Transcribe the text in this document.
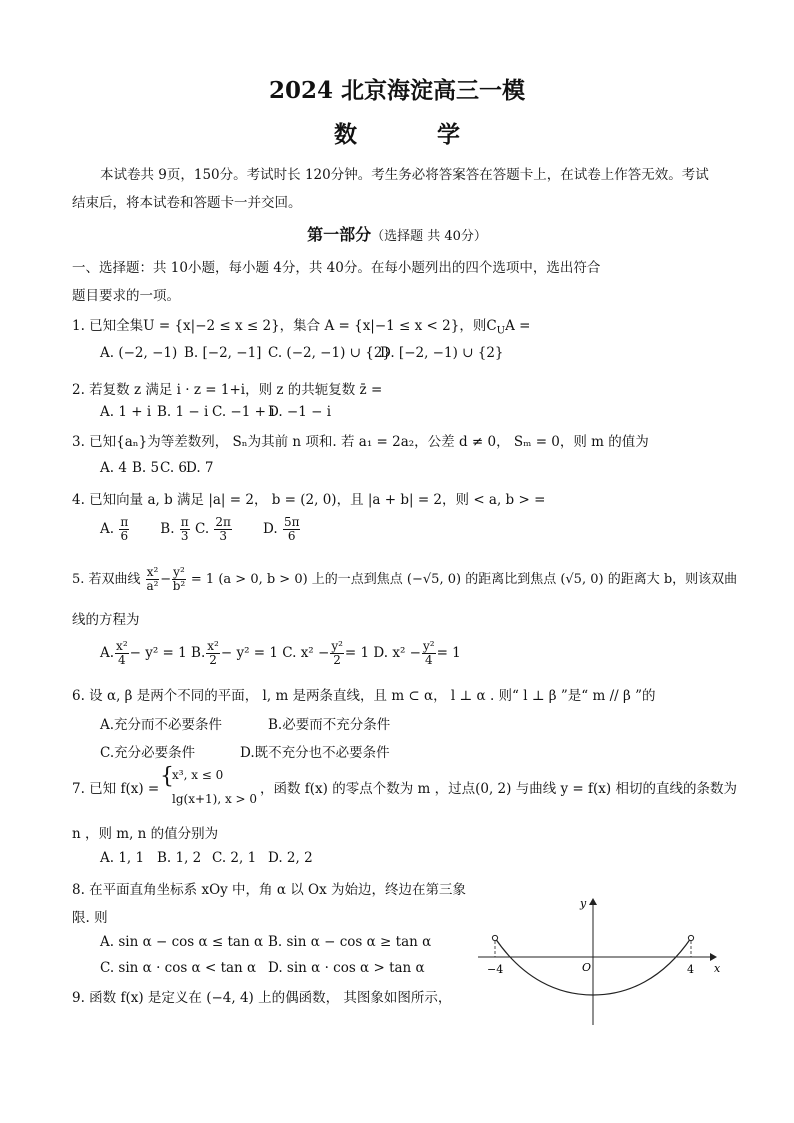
2024 北京海淀高三一模
数 学
本试卷共 9页，150分。考试时长 120分钟。考生务必将答案答在答题卡上，在试卷上作答无效。考试
结束后，将本试卷和答题卡一并交回。
第一部分（选择题 共 40分）
一、选择题：共 10小题，每小题 4分，共 40分。在每小题列出的四个选项中，选出符合
题目要求的一项。
1. 已知全集U = {x|−2 ≤ x ≤ 2}，集合 A = {x|−1 ≤ x < 2}，则$C_UA$ =
A. (−2, −1) B. [−2, −1] C. (−2, −1) ∪ {2}
D. [−2, −1) ∪ {2}
2. 若复数 z 满足 i · z = 1+i，则 z 的共轭复数 z̄ =
A. 1 + i B. 1 − i C. −1 + i
D. −1 − i
3. 已知{aₙ}为等差数列， Sₙ为其前 n 项和. 若 a₁ = 2a₂，公差 d ≠ 0， Sₘ = 0，则 m 的值为
A. 4 B. 5 C. 6
D. 7
4. 已知向量 a, b 满足 |a| = 2， b = (2, 0)，且 |a + b| = 2，则 < a, b > =
A. $\frac{\pi}{6} B$. $\frac{\pi}{3} C$. $\frac{2\pi}{3} D$. $\frac{5\pi}{6}$
5. 若双曲线 $\frac{\text{x²}}{\text{a²}} - \frac{\text{y²}}{\text{b²}} = 1$ (a > 0, b > 0) 上的一点到焦点 (−√5, 0) 的距离比到焦点 (√5, 0) 的距离大 b，则该双曲
线的方程为
A. $\frac{\text{x²}}{4} - y^2 = 1$ B. $\frac{\text{x²}}{2} - y^2 = 1$ C. $x^2 - \frac{\text{y²}}{2} = 1$ D. $x^2 - \frac{\text{y²}}{4} = 1$
6. 设 α, β 是两个不同的平面， l, m 是两条直线，且 m ⊂ α， l ⊥ α . 则“ l ⊥ β ”是“ m // β ”的
A.充分而不必要条件	B.必要而不充分条件
C.充分必要条件	D.既不充分也不必要条件
7. 已知 f(x) = {
x³, x ≤ 0
lg(x+1), x > 0
，函数 f(x) 的零点个数为 m ，过点(0, 2) 与曲线 y = f(x) 相切的直线的条数为
n ，则 m, n 的值分别为
A. 1, 1 B. 1, 2 C. 2, 1 D. 2, 2
8. 在平面直角坐标系 xOy 中，角 α 以 Ox 为始边，终边在第三象
限. 则
A. sin α − cos α ≤ tan α B. sin α − cos α ≥ tan α
C. sin α · cos α < tan α D. sin α · cos α > tan α
9. 函数 f(x) 是定义在 (−4, 4) 上的偶函数， 其图象如图所示，
y
x
O
−4	4
